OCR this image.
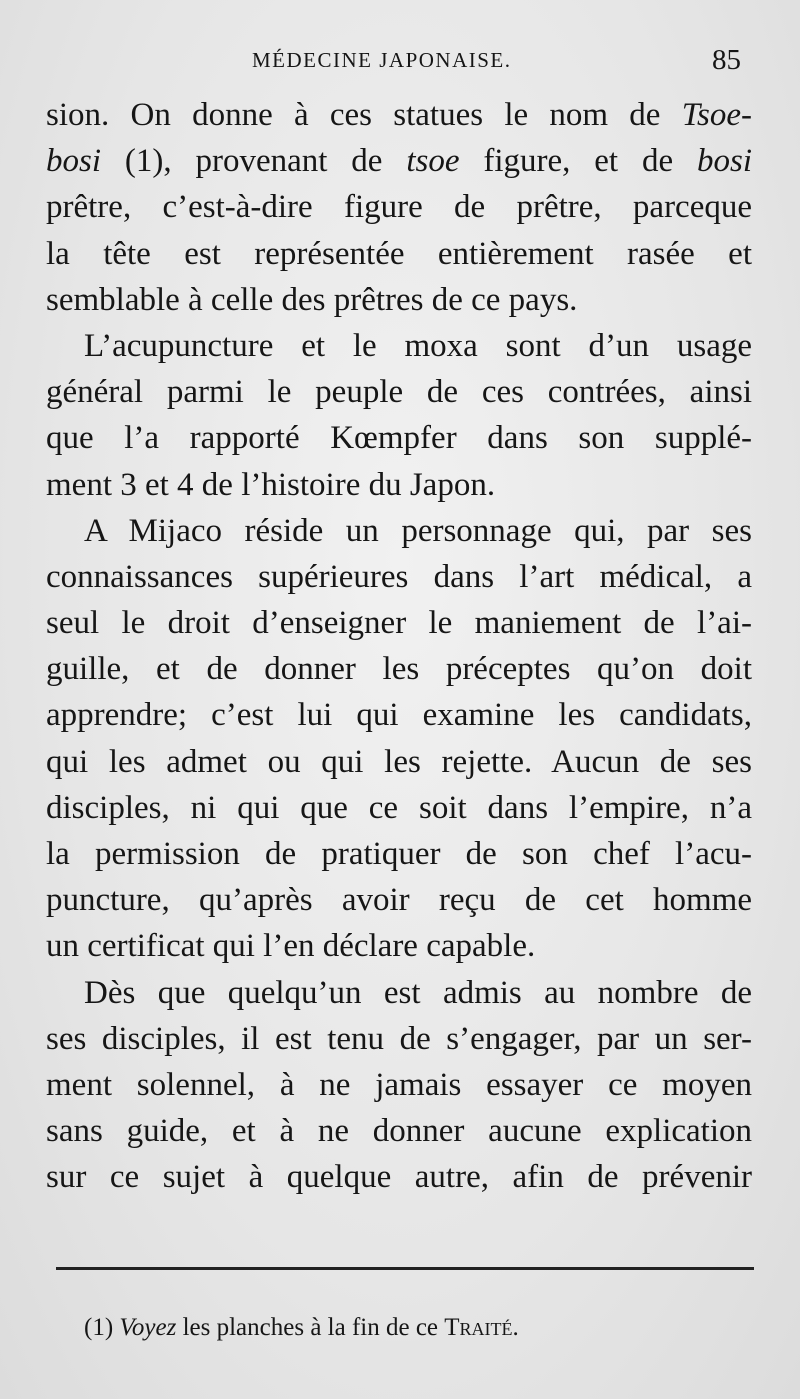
MÉDECINE JAPONAISE.	85
sion. On donne à ces statues le nom de Tsoe-
bosi (1), provenant de tsoe figure, et de bosi
prêtre, c’est-à-dire figure de prêtre, parceque
la tête est représentée entièrement rasée et
semblable à celle des prêtres de ce pays.
L’acupuncture et le moxa sont d’un usage
général parmi le peuple de ces contrées, ainsi
que l’a rapporté Kœmpfer dans son supplé-
ment 3 et 4 de l’histoire du Japon.
A Mijaco réside un personnage qui, par ses
connaissances supérieures dans l’art médical, a
seul le droit d’enseigner le maniement de l’ai-
guille, et de donner les préceptes qu’on doit
apprendre; c’est lui qui examine les candidats,
qui les admet ou qui les rejette. Aucun de ses
disciples, ni qui que ce soit dans l’empire, n’a
la permission de pratiquer de son chef l’acu-
puncture, qu’après avoir reçu de cet homme
un certificat qui l’en déclare capable.
Dès que quelqu’un est admis au nombre de
ses disciples, il est tenu de s’engager, par un ser-
ment solennel, à ne jamais essayer ce moyen
sans guide, et à ne donner aucune explication
sur ce sujet à quelque autre, afin de prévenir
(1) Voyez les planches à la fin de ce Traité.
